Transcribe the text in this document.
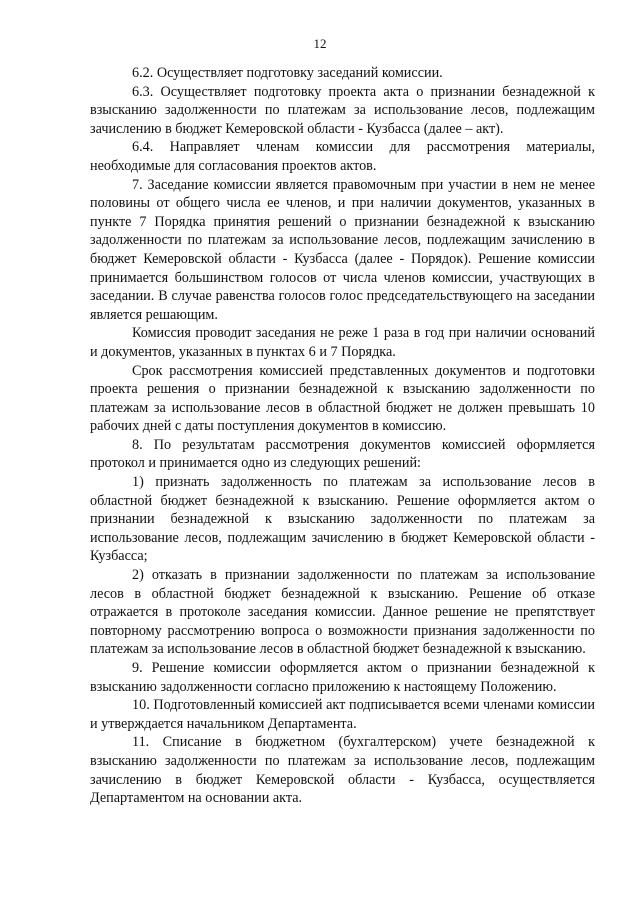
12

6.2. Осуществляет подготовку заседаний комиссии.

6.3. Осуществляет подготовку проекта акта о признании безнадежной к взысканию задолженности по платежам за использование лесов, подлежащим зачислению в бюджет Кемеровской области - Кузбасса (далее – акт).

6.4. Направляет членам комиссии для рассмотрения материалы, необходимые для согласования проектов актов.

7. Заседание комиссии является правомочным при участии в нем не менее половины от общего числа ее членов, и при наличии документов, указанных в пункте 7 Порядка принятия решений о признании безнадежной к взысканию задолженности по платежам за использование лесов, подлежащим зачислению в бюджет Кемеровской области - Кузбасса (далее - Порядок). Решение комиссии принимается большинством голосов от числа членов комиссии, участвующих в заседании. В случае равенства голосов голос председательствующего на заседании является решающим.

Комиссия проводит заседания не реже 1 раза в год при наличии оснований и документов, указанных в пунктах 6 и 7 Порядка.

Срок рассмотрения комиссией представленных документов и подготовки проекта решения о признании безнадежной к взысканию задолженности по платежам за использование лесов в областной бюджет не должен превышать 10 рабочих дней с даты поступления документов в комиссию.

8. По результатам рассмотрения документов комиссией оформляется протокол и принимается одно из следующих решений:

1) признать задолженность по платежам за использование лесов в областной бюджет безнадежной к взысканию. Решение оформляется актом о признании безнадежной к взысканию задолженности по платежам за использование лесов, подлежащим зачислению в бюджет Кемеровской области - Кузбасса;

2) отказать в признании задолженности по платежам за использование лесов в областной бюджет безнадежной к взысканию. Решение об отказе отражается в протоколе заседания комиссии. Данное решение не препятствует повторному рассмотрению вопроса о возможности признания задолженности по платежам за использование лесов в областной бюджет безнадежной к взысканию.

9. Решение комиссии оформляется актом о признании безнадежной к взысканию задолженности согласно приложению к настоящему Положению.

10. Подготовленный комиссией акт подписывается всеми членами комиссии и утверждается начальником Департамента.

11. Списание в бюджетном (бухгалтерском) учете безнадежной к взысканию задолженности по платежам за использование лесов, подлежащим зачислению в бюджет Кемеровской области - Кузбасса, осуществляется Департаментом на основании акта.
